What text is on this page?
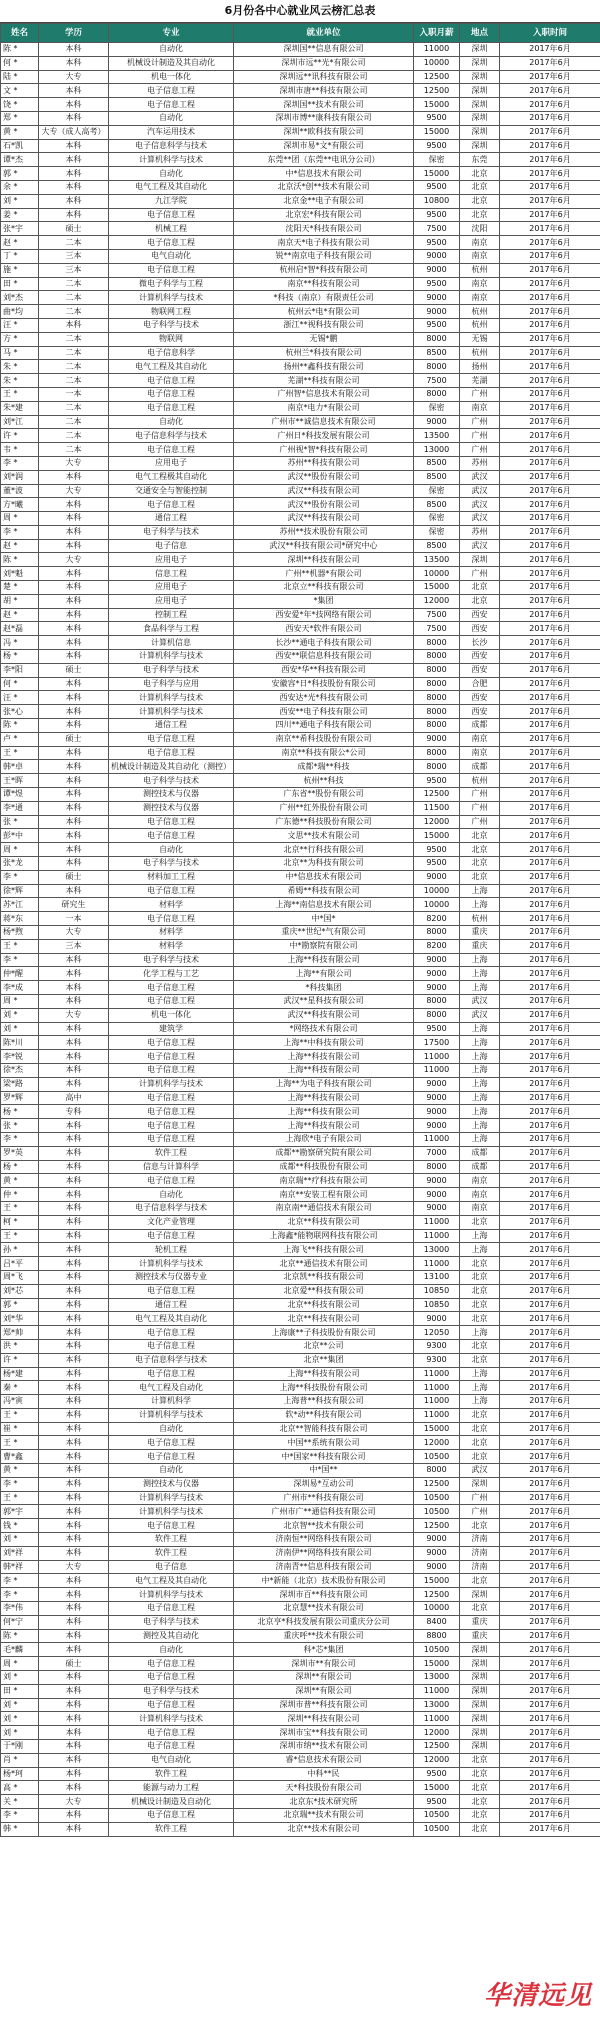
6月份各中心就业风云榜汇总表
姓名	学历	专业	就业单位	入职月薪	地点	入职时间
陈 *	本科	自动化	深圳国**信息有限公司	11000	深圳	2017年6月
何 *	本科	机械设计制造及其自动化	深圳市远**光*有限公司	10000	深圳	2017年6月
陆 *	大专	机电一体化	深圳远**讯科技有限公司	12500	深圳	2017年6月
文 *	本科	电子信息工程	深圳市唐**科技有限公司	12500	深圳	2017年6月
饶 *	本科	电子信息工程	深圳国**技术有限公司	15000	深圳	2017年6月
郑 *	本科	自动化	深圳市博**康科技有限公司	9500	深圳	2017年6月
黄 *	大专（成人高考）	汽车运用技术	深圳**欧科技有限公司	15000	深圳	2017年6月
石*凯	本科	电子信息科学与技术	深圳市易*文*有限公司	9500	深圳	2017年6月
谭*杰	本科	计算机科学与技术	东莞**团（东莞**电讯分公司）	保密	东莞	2017年6月
郭 *	本科	自动化	中*信息技术有限公司	15000	北京	2017年6月
余 *	本科	电气工程及其自动化	北京沃*创**技术有限公司	9500	北京	2017年6月
刘 *	本科	九江学院	北京金**电子有限公司	10800	北京	2017年6月
姜 *	本科	电子信息工程	北京宏*科技有限公司	9500	北京	2017年6月
张*宇	硕士	机械工程	沈阳天*科技有限公司	7500	沈阳	2017年6月
赵 *	二本	电子信息工程	南京天*电子科技有限公司	9500	南京	2017年6月
丁 *	三本	电气自动化	锐**南京电子科技有限公司	9000	南京	2017年6月
施 *	三本	电子信息工程	杭州启*智*科技有限公司	9000	杭州	2017年6月
田 *	二本	微电子科学与工程	南京**科技有限公司	9500	南京	2017年6月
刘*杰	二本	计算机科学与技术	*科技（南京）有限责任公司	9000	南京	2017年6月
曲*均	二本	物联网工程	杭州云*电*有限公司	9000	杭州	2017年6月
汪 *	本科	电子科学与技术	浙江**视科技有限公司	9500	杭州	2017年6月
方 *	二本	物联网	无锡*鹏	8000	无锡	2017年6月
马 *	二本	电子信息科学	杭州兰*科技有限公司	8500	杭州	2017年6月
朱 *	二本	电气工程及其自动化	扬州**鑫科技有限公司	8000	扬州	2017年6月
朱 *	二本	电子信息工程	芜湖**科技有限公司	7500	芜湖	2017年6月
王 *	一本	电子信息工程	广州智*信息技术有限公司	8000	广州	2017年6月
朱*建	二本	电子信息工程	南京*电力*有限公司	保密	南京	2017年6月
刘*江	二本	自动化	广州市**诚信息技术有限公司	9000	广州	2017年6月
许 *	二本	电子信息科学与技术	广州日*科技发展有限公司	13500	广州	2017年6月
韦 *	二本	电子信息工程	广州视*智*科技有限公司	13000	广州	2017年6月
李 *	大专	应用电子	苏州**科技有限公司	8500	苏州	2017年6月
刘*润	本科	电气工程极其自动化	武汉**股份有限公司	8500	武汉	2017年6月
董*波	大专	交通安全与智能控制	武汉**科技有限公司	保密	武汉	2017年6月
方*曦	本科	电子信息工程	武汉**股份有限公司	8500	武汉	2017年6月
周 *	本科	通信工程	武汉**科技有限公司	保密	武汉	2017年6月
李 *	本科	电子科学与技术	苏州**技术股份有限公司	保密	苏州	2017年6月
赵 *	本科	电子信息	武汉**科技有限公司*研究中心	8500	武汉	2017年6月
陈 *	大专	应用电子	深圳**科技有限公司	13500	深圳	2017年6月
刘*魁	本科	信息工程	广州**机器*有限公司	10000	广州	2017年6月
楚 *	本科	应用电子	北京立**科技有限公司	15000	北京	2017年6月
胡 *	本科	应用电子	*集团	12000	北京	2017年6月
赵 *	本科	控制工程	西安爱*年*技网络有限公司	7500	西安	2017年6月
赵*磊	本科	食品科学与工程	西安天*软件有限公司	7500	西安	2017年6月
冯 *	本科	计算机信息	长沙**通电子科技有限公司	8000	长沙	2017年6月
杨 *	本科	计算机科学与技术	西安**联信息科技有限公司	8000	西安	2017年6月
李*阳	硕士	电子科学与技术	西安*华**科技有限公司	8000	西安	2017年6月
何 *	本科	电子科学与应用	安徽容*日*科技股份有限公司	8000	合肥	2017年6月
汪 *	本科	计算机科学与技术	西安达*光*科技有限公司	8000	西安	2017年6月
张*心	本科	计算机科学与技术	西安**电子科技有限公司	8000	西安	2017年6月
陈 *	本科	通信工程	四川**通电子科技有限公司	8000	成都	2017年6月
卢 *	硕士	电子信息工程	南京**希科技股份有限公司	9000	南京	2017年6月
王 *	本科	电子信息工程	南京**科技有限公*公司	8000	南京	2017年6月
韩*卓	本科	机械设计制造及其自动化（测控）	成都*瑞**科技	8000	成都	2017年6月
王*晖	本科	电子科学与技术	杭州**科技	9500	杭州	2017年6月
谭*煜	本科	测控技术与仪器	广东省**股份有限公司	12500	广州	2017年6月
李*通	本科	测控技术与仪器	广州**红外股份有限公司	11500	广州	2017年6月
张 *	本科	电子信息工程	广东德**科技股份有限公司	12000	广州	2017年6月
彭*中	本科	电子信息工程	文思**技术有限公司	15000	北京	2017年6月
周 *	本科	自动化	北京**行科技有限公司	9500	北京	2017年6月
张*龙	本科	电子科学与技术	北京**为科技有限公司	9500	北京	2017年6月
李 *	硕士	材料加工工程	中*信息技术有限公司	9000	北京	2017年6月
徐*辉	本科	电子信息工程	希姆**科技有限公司	10000	上海	2017年6月
苏*江	研究生	材料学	上海**南信息技术有限公司	10000	上海	2017年6月
蒋*东	一本	电子信息工程	中*国*	8200	杭州	2017年6月
杨*煦	大专	材料学	重庆**世纪*气有限公司	8000	重庆	2017年6月
王 *	三本	材料学	中*勘察院有限公司	8200	重庆	2017年6月
李 *	本科	电子科学与技术	上海**科技有限公司	9000	上海	2017年6月
仲*醒	本科	化学工程与工艺	上海**有限公司	9000	上海	2017年6月
李*成	本科	电子信息工程	*科技集团	9000	上海	2017年6月
周 *	本科	电子信息工程	武汉**星科技有限公司	8000	武汉	2017年6月
刘 *	大专	机电一体化	武汉**科技有限公司	8000	武汉	2017年6月
刘 *	本科	建筑学	*网络技术有限公司	9500	上海	2017年6月
陈*川	本科	电子信息工程	上海**中科技有限公司	17500	上海	2017年6月
李*锐	本科	电子信息工程	上海**科技有限公司	11000	上海	2017年6月
徐*杰	本科	电子信息工程	上海**科技有限公司	11000	上海	2017年6月
梁*路	本科	计算机科学与技术	上海**为电子科技有限公司	9000	上海	2017年6月
罗*辉	高中	电子信息工程	上海**科技有限公司	9000	上海	2017年6月
杨 *	专科	电子信息工程	上海**科技有限公司	9000	上海	2017年6月
张 *	本科	电子信息工程	上海**科技有限公司	9000	上海	2017年6月
李 *	本科	电子信息工程	上海欣*电子有限公司	11000	上海	2017年6月
罗*英	本科	软件工程	成都**勘察研究院有限公司	7000	成都	2017年6月
杨 *	本科	信息与计算科学	成都**科技股份有限公司	8000	成都	2017年6月
黄 *	本科	电子信息工程	南京瑞**疗科技有限公司	9000	南京	2017年6月
仲 *	本科	自动化	南京**安装工程有限公司	9000	南京	2017年6月
王 *	本科	电子信息科学与技术	南京南**通信技术有限公司	9000	南京	2017年6月
柯 *	本科	文化产业管理	北京**科技有限公司	11000	北京	2017年6月
王 *	本科	电子信息工程	上海鑫*能物联网科技有限公司	11000	上海	2017年6月
孙 *	本科	轮机工程	上海飞**科技有限公司	13000	上海	2017年6月
吕*平	本科	计算机科学与技术	北京**通信技术有限公司	11000	北京	2017年6月
周*飞	本科	测控技术与仪器专业	北京凯**科技有限公司	13100	北京	2017年6月
刘*芯	本科	电子信息工程	北京爱**科技有限公司	10850	北京	2017年6月
郭 *	本科	通信工程	北京**科技有限公司	10850	北京	2017年6月
刘*华	本科	电气工程及其自动化	北京**科技有限公司	9000	北京	2017年6月
郑*帅	本科	电子信息工程	上海康**子科技股份有限公司	12050	上海	2017年6月
洪 *	本科	电子信息工程	北京**公司	9300	北京	2017年6月
许 *	本科	电子信息科学与技术	北京**集团	9300	北京	2017年6月
杨*建	本科	电子信息工程	上海**科技有限公司	11000	上海	2017年6月
秦 *	本科	电气工程及自动化	上海**科技股份有限公司	11000	上海	2017年6月
冯*寅	本科	计算机科学	上海普**科技有限公司	11000	上海	2017年6月
王 *	本科	计算机科学与技术	软*动**科技有限公司	11000	北京	2017年6月
崔 *	本科	自动化	北京**智能科技有限公司	15000	北京	2017年6月
王 *	本科	电子信息工程	中国**系统有限公司	12000	北京	2017年6月
曹*鑫	本科	电子信息工程	中*国家**科技有限公司	10500	北京	2017年6月
黄 *	本科	自动化	中*国**	8000	武汉	2017年6月
李 *	本科	测控技术与仪器	深圳易*互动公司	12500	深圳	2017年6月
王 *	本科	计算机科学与技术	广州市**科技有限公司	10500	广州	2017年6月
郭*宇	本科	计算机科学与技术	广州市广**通信科技有限公司	10500	广州	2017年6月
钱 *	本科	电子信息工程	北京智**技术有限公司	12500	北京	2017年6月
刘 *	本科	软件工程	济南恒**网络科技有限公司	9000	济南	2017年6月
刘*祥	本科	软件工程	济南伊**网络科技有限公司	9000	济南	2017年6月
韩*祥	大专	电子信息	济南青**信息科技有限公司	9000	济南	2017年6月
李 *	本科	电气工程及其自动化	中*新能（北京）技术股份有限公司	15000	北京	2017年6月
李 *	本科	计算机科学与技术	深圳市百**科技有限公司	12500	深圳	2017年6月
李*伟	本科	电子信息工程	北京慧**技术有限公司	10000	北京	2017年6月
何*宁	本科	电子科学与技术	北京亨*科技发展有限公司重庆分公司	8400	重庆	2017年6月
陈 *	本科	测控及其自动化	重庆呼**技术有限公司	8800	重庆	2017年6月
毛*麟	本科	自动化	科*芯*集团	10500	深圳	2017年6月
周 *	硕士	电子信息工程	深圳市**有限公司	15000	深圳	2017年6月
刘 *	本科	电子信息工程	深圳**有限公司	13000	深圳	2017年6月
田 *	本科	电子科学与技术	深圳**有限公司	11000	深圳	2017年6月
刘 *	本科	电子信息工程	深圳市普**科技有限公司	13000	深圳	2017年6月
刘 *	本科	计算机科学与技术	深圳**科技有限公司	11000	深圳	2017年6月
刘 *	本科	电子信息工程	深圳市宝**科技有限公司	12000	深圳	2017年6月
于*刚	本科	电子信息工程	深圳市纳**技术有限公司	12500	深圳	2017年6月
肖 *	本科	电气自动化	睿*信息技术有限公司	12000	北京	2017年6月
杨*珂	本科	软件工程	中科**民	9500	北京	2017年6月
高 *	本科	能源与动力工程	天*科技股份有限公司	15000	北京	2017年6月
关 *	大专	机械设计制造及自动化	北京东*技术研究所	9500	北京	2017年6月
李 *	本科	电子信息工程	北京瑞**技术有限公司	10500	北京	2017年6月
韩 *	本科	软件工程	北京**技术有限公司	10500	北京	2017年6月
华清远见
